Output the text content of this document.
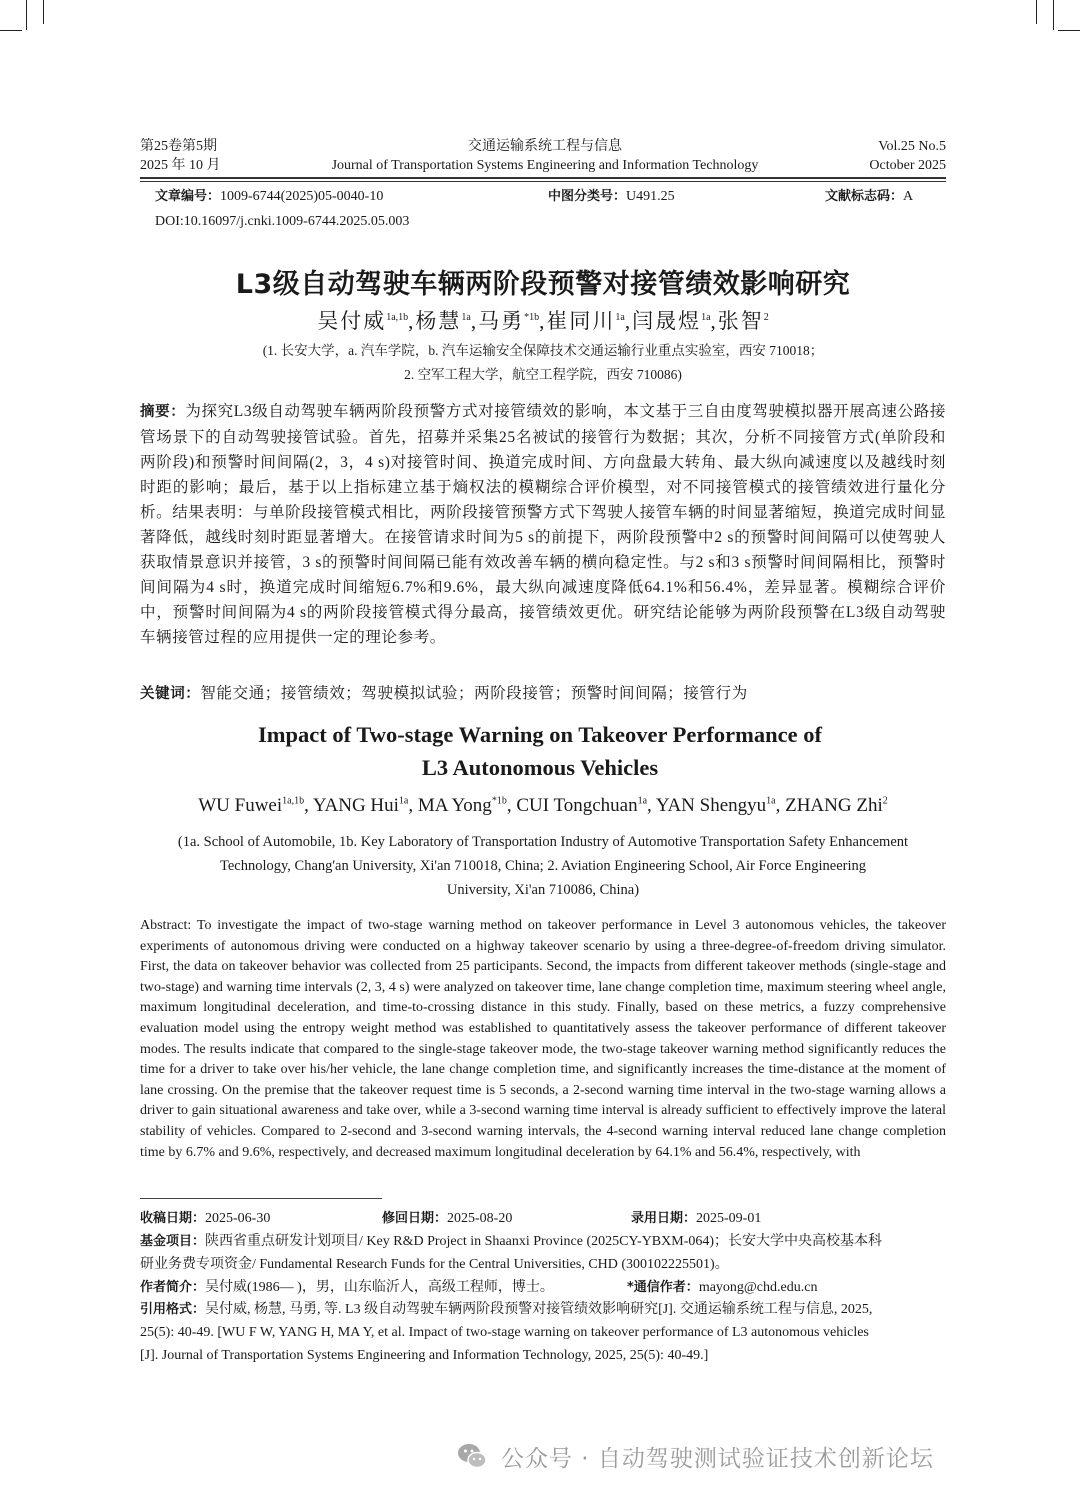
第25卷第5期
2025 年 10 月
交通运输系统工程与信息
Journal of Transportation Systems Engineering and Information Technology
Vol.25 No.5
October 2025
文章编号：1009-6744(2025)05-0040-10	中图分类号：U491.25	文献标志码：A
DOI:10.16097/j.cnki.1009-6744.2025.05.003
L3级自动驾驶车辆两阶段预警对接管绩效影响研究
吴付威$^{1a,1b}$,杨慧$^{1a}$,马勇$^{*1b}$,崔同川$^{1a}$,闫晟煜$^{1a}$,张智$^2$
(1. 长安大学，a. 汽车学院，b. 汽车运输安全保障技术交通运输行业重点实验室，西安 710018；
2. 空军工程大学，航空工程学院，西安 710086)
摘要：为探究L3级自动驾驶车辆两阶段预警方式对接管绩效的影响，本文基于三自由度驾驶模拟器开展高速公路接管场景下的自动驾驶接管试验。首先，招募并采集25名被试的接管行为数据；其次，分析不同接管方式(单阶段和两阶段)和预警时间间隔(2，3，4 s)对接管时间、换道完成时间、方向盘最大转角、最大纵向减速度以及越线时刻时距的影响；最后，基于以上指标建立基于熵权法的模糊综合评价模型，对不同接管模式的接管绩效进行量化分析。结果表明：与单阶段接管模式相比，两阶段接管预警方式下驾驶人接管车辆的时间显著缩短，换道完成时间显著降低，越线时刻时距显著增大。在接管请求时间为5 s的前提下，两阶段预警中2 s的预警时间间隔可以使驾驶人获取情景意识并接管，3 s的预警时间间隔已能有效改善车辆的横向稳定性。与2 s和3 s预警时间间隔相比，预警时间间隔为4 s时，换道完成时间缩短6.7%和9.6%，最大纵向减速度降低64.1%和56.4%，差异显著。模糊综合评价中，预警时间间隔为4 s的两阶段接管模式得分最高，接管绩效更优。研究结论能够为两阶段预警在L3级自动驾驶车辆接管过程的应用提供一定的理论参考。
关键词：智能交通；接管绩效；驾驶模拟试验；两阶段接管；预警时间间隔；接管行为
Impact of Two-stage Warning on Takeover Performance of
L3 Autonomous Vehicles
WU Fuwei$^{1a,1b}$, YANG Hui$^{1a}$, MA Yong$^{*1b}$, CUI Tongchuan$^{1a}$, YAN Shengyu$^{1a}$, ZHANG Zhi$^2$
(1a. School of Automobile, 1b. Key Laboratory of Transportation Industry of Automotive Transportation Safety Enhancement
Technology, Chang'an University, Xi'an 710018, China; 2. Aviation Engineering School, Air Force Engineering
University, Xi'an 710086, China)
Abstract: To investigate the impact of two-stage warning method on takeover performance in Level 3 autonomous vehicles, the takeover experiments of autonomous driving were conducted on a highway takeover scenario by using a three-degree-of-freedom driving simulator. First, the data on takeover behavior was collected from 25 participants. Second, the impacts from different takeover methods (single-stage and two-stage) and warning time intervals (2, 3, 4 s) were analyzed on takeover time, lane change completion time, maximum steering wheel angle, maximum longitudinal deceleration, and time-to-crossing distance in this study. Finally, based on these metrics, a fuzzy comprehensive evaluation model using the entropy weight method was established to quantitatively assess the takeover performance of different takeover modes. The results indicate that compared to the single-stage takeover mode, the two-stage takeover warning method significantly reduces the time for a driver to take over his/her vehicle, the lane change completion time, and significantly increases the time-distance at the moment of lane crossing. On the premise that the takeover request time is 5 seconds, a 2-second warning time interval in the two-stage warning allows a driver to gain situational awareness and take over, while a 3-second warning time interval is already sufficient to effectively improve the lateral stability of vehicles. Compared to 2-second and 3-second warning intervals, the 4-second warning interval reduced lane change completion time by 6.7% and 9.6%, respectively, and decreased maximum longitudinal deceleration by 64.1% and 56.4%, respectively, with
收稿日期：2025-06-30	修回日期：2025-08-20	录用日期：2025-09-01
基金项目：陕西省重点研发计划项目/ Key R&D Project in Shaanxi Province (2025CY-YBXM-064)；长安大学中央高校基本科
研业务费专项资金/ Fundamental Research Funds for the Central Universities, CHD (300102225501)。
作者简介：吴付威(1986— )，男，山东临沂人，高级工程师，博士。	*通信作者：mayong@chd.edu.cn
引用格式：吴付威, 杨慧, 马勇, 等. L3 级自动驾驶车辆两阶段预警对接管绩效影响研究[J]. 交通运输系统工程与信息, 2025,
25(5): 40-49. [WU F W, YANG H, MA Y, et al. Impact of two-stage warning on takeover performance of L3 autonomous vehicles
[J]. Journal of Transportation Systems Engineering and Information Technology, 2025, 25(5): 40-49.]
公众号 · 自动驾驶测试验证技术创新论坛
